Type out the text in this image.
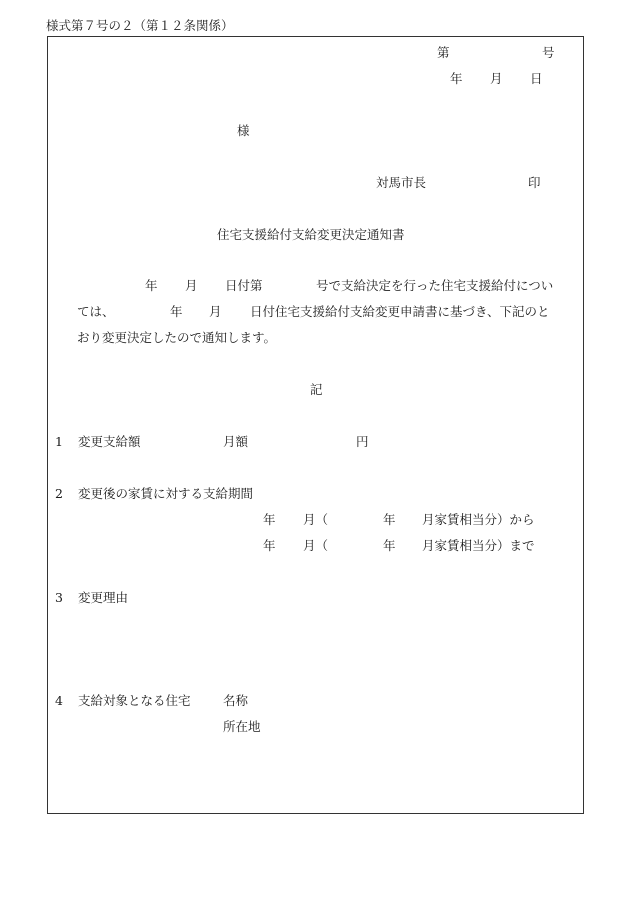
様式第７号の２（第１２条関係）
第	号
年 月 日
様
対馬市長	印
住宅支援給付支給変更決定通知書
年 月 日付第	号で支給決定を行った住宅支援給付につい
ては、	年 月 日付住宅支援給付支給変更申請書に基づき、下記のと
おり変更決定したので通知します。
記
1 変更支給額	月額	円
2 変更後の家賃に対する支給期間
年 月（	年 月家賃相当分）から
年 月（	年 月家賃相当分）まで
3 変更理由
4 支給対象となる住宅	名称
所在地
